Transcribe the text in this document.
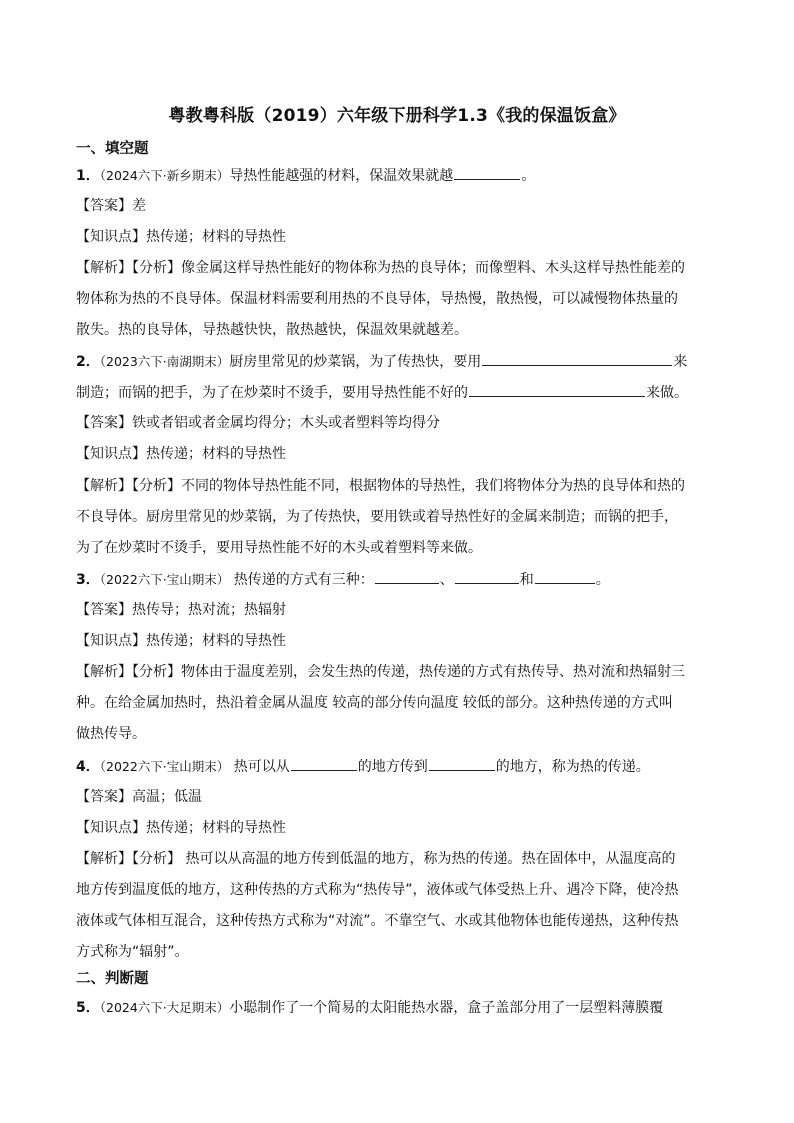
粤教粤科版（2019）六年级下册科学1.3《我的保温饭盒》
一、填空题
1．（2024六下·新乡期末）导热性能越强的材料，保温效果就越	。
【答案】差
【知识点】热传递；材料的导热性
【解析】【分析】像金属这样导热性能好的物体称为热的良导体；而像塑料、木头这样导热性能差的
物体称为热的不良导体。保温材料需要利用热的不良导体，导热慢，散热慢，可以减慢物体热量的
散失。热的良导体，导热越快快，散热越快，保温效果就越差。
2．（2023六下·南湖期末）厨房里常见的炒菜锅，为了传热快，要用	来
制造；而锅的把手，为了在炒菜时不烫手，要用导热性能不好的	来做。
【答案】铁或者铝或者金属均得分；木头或者塑料等均得分
【知识点】热传递；材料的导热性
【解析】【分析】不同的物体导热性能不同，根据物体的导热性，我们将物体分为热的良导体和热的
不良导体。厨房里常见的炒菜锅，为了传热快，要用铁或着导热性好的金属来制造；而锅的把手，
为了在炒菜时不烫手，要用导热性能不好的木头或着塑料等来做。
3．（2022六下·宝山期末） 热传递的方式有三种：	、	和	。
【答案】热传导；热对流；热辐射
【知识点】热传递；材料的导热性
【解析】【分析】物体由于温度差别，会发生热的传递，热传递的方式有热传导、热对流和热辐射三
种。在给金属加热时，热沿着金属从温度 较高的部分传向温度 较低的部分。这种热传递的方式叫
做热传导。
4．（2022六下·宝山期末） 热可以从	的地方传到	的地方，称为热的传递。
【答案】高温；低温
【知识点】热传递；材料的导热性
【解析】【分析】 热可以从高温的地方传到低温的地方，称为热的传递。热在固体中，从温度高的
地方传到温度低的地方，这种传热的方式称为“热传导”，液体或气体受热上升、遇冷下降，使冷热
液体或气体相互混合，这种传热方式称为“对流”。不靠空气、水或其他物体也能传递热，这种传热
方式称为“辐射”。
二、判断题
5．（2024六下·大足期末）小聪制作了一个简易的太阳能热水器，盒子盖部分用了一层塑料薄膜覆
